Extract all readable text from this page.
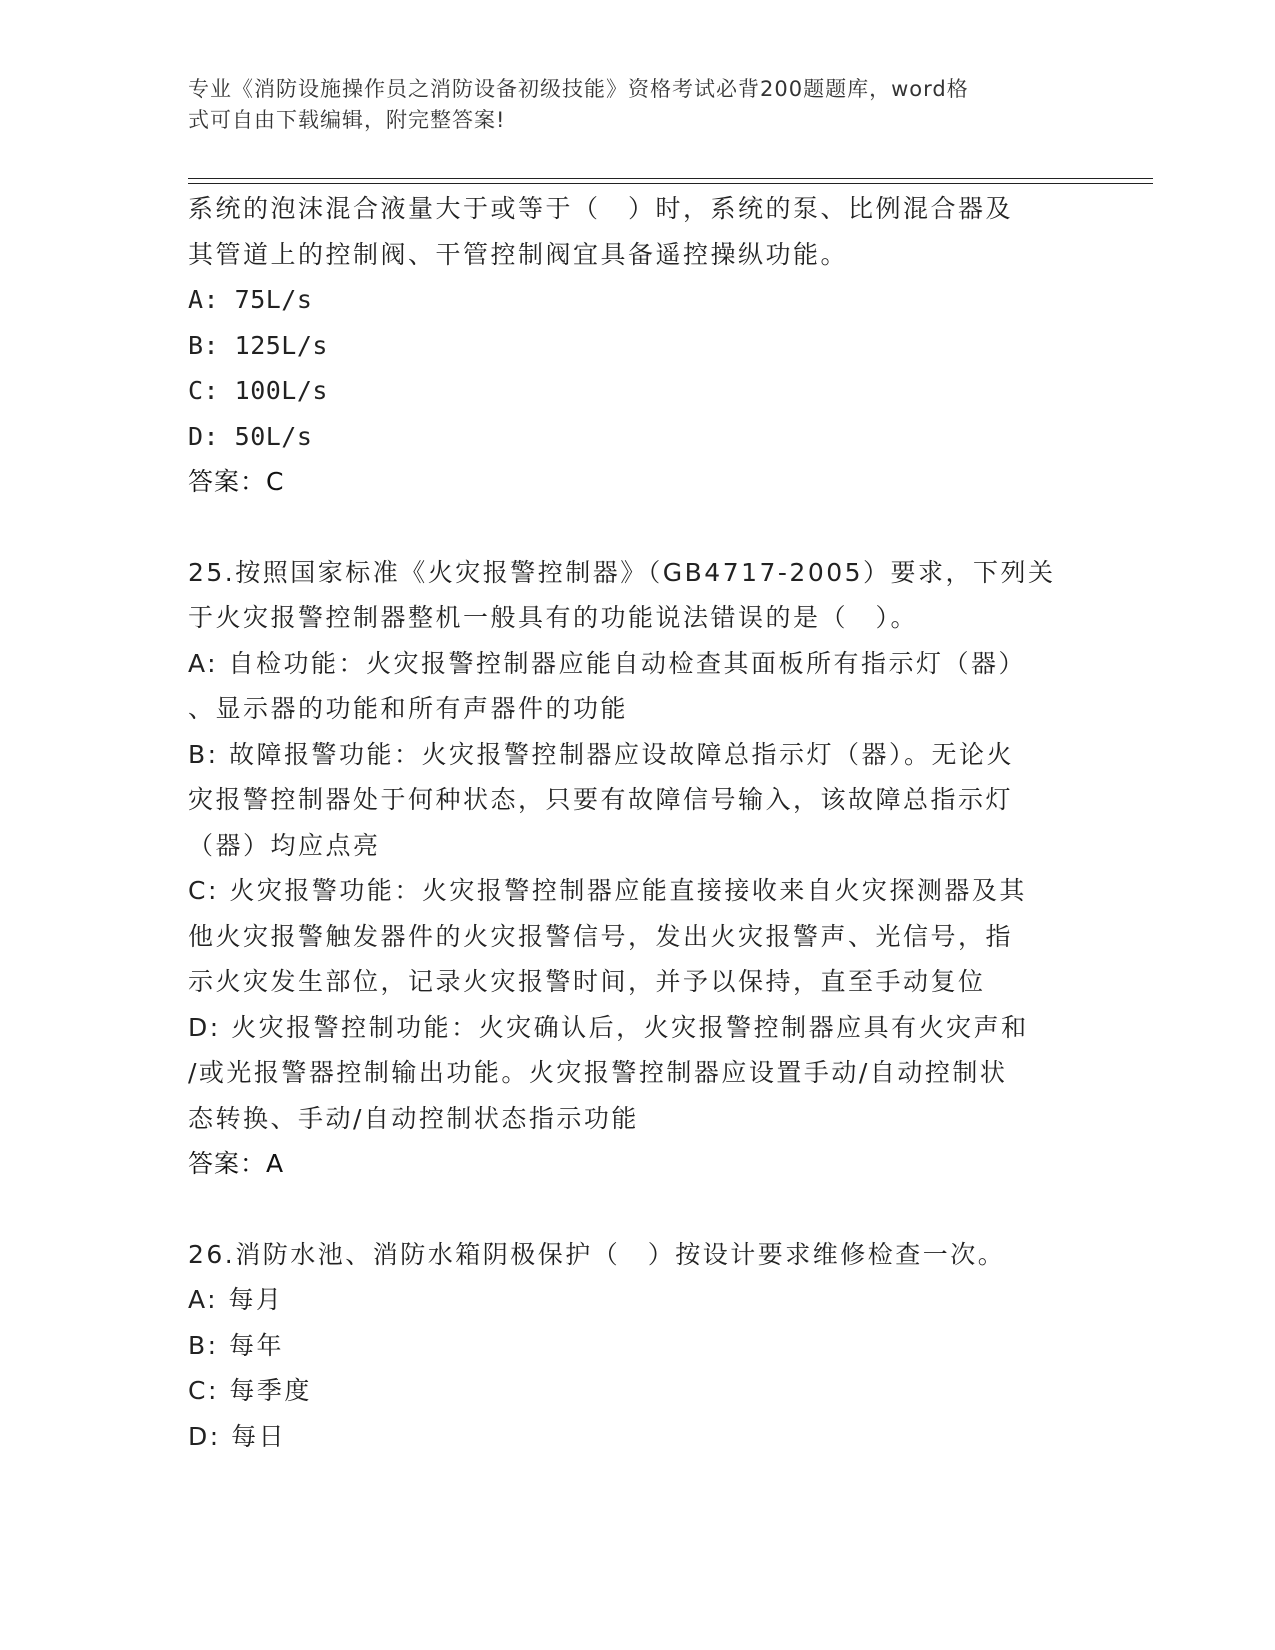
专业《消防设施操作员之消防设备初级技能》资格考试必背200题题库，word格
式可自由下载编辑，附完整答案!
系统的泡沫混合液量大于或等于（　）时，系统的泵、比例混合器及
其管道上的控制阀、干管控制阀宜具备遥控操纵功能。
A: 75L/s
B: 125L/s
C: 100L/s
D: 50L/s
答案：C
25.按照国家标准《火灾报警控制器》（GB4717-2005）要求，下列关
于火灾报警控制器整机一般具有的功能说法错误的是（　）。
A: 自检功能：火灾报警控制器应能自动检查其面板所有指示灯（器）
、显示器的功能和所有声器件的功能
B: 故障报警功能：火灾报警控制器应设故障总指示灯（器）。无论火
灾报警控制器处于何种状态，只要有故障信号输入，该故障总指示灯
（器）均应点亮
C: 火灾报警功能：火灾报警控制器应能直接接收来自火灾探测器及其
他火灾报警触发器件的火灾报警信号，发出火灾报警声、光信号，指
示火灾发生部位，记录火灾报警时间，并予以保持，直至手动复位
D: 火灾报警控制功能：火灾确认后，火灾报警控制器应具有火灾声和
/或光报警器控制输出功能。火灾报警控制器应设置手动/自动控制状
态转换、手动/自动控制状态指示功能
答案：A
26.消防水池、消防水箱阴极保护（　）按设计要求维修检查一次。
A: 每月
B: 每年
C: 每季度
D: 每日
